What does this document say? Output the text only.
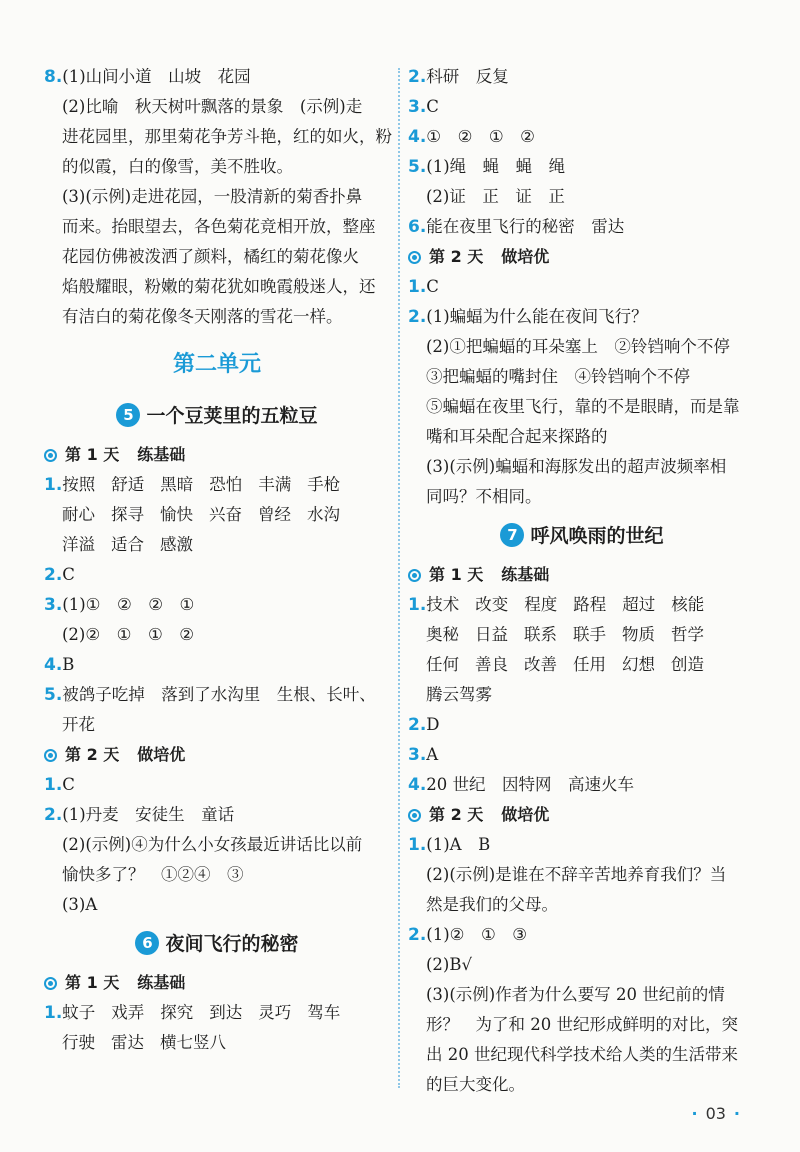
8.(1)山间小道　山坡　花园
(2)比喻　秋天树叶飘落的景象　(示例)走
进花园里，那里菊花争芳斗艳，红的如火，粉
的似霞，白的像雪，美不胜收。
(3)(示例)走进花园，一股清新的菊香扑鼻
而来。抬眼望去，各色菊花竞相开放，整座
花园仿佛被泼洒了颜料，橘红的菊花像火
焰般耀眼，粉嫩的菊花犹如晚霞般迷人，还
有洁白的菊花像冬天刚落的雪花一样。
第二单元
5 一个豆荚里的五粒豆
第 1 天 练基础
1.按照 舒适 黑暗 恐怕 丰满 手枪
耐心 探寻 愉快 兴奋 曾经 水沟
洋溢 适合 感激
2.C
3.(1)①　②　②　①
(2)②　①　①　②
4.B
5.被鸽子吃掉　落到了水沟里　生根、长叶、
开花
第 2 天 做培优
1.C
2.(1)丹麦　安徒生　童话
(2)(示例)④为什么小女孩最近讲话比以前
愉快多了？　①②④　③
(3)A
6 夜间飞行的秘密
第 1 天 练基础
1.蚊子 戏弄 探究 到达 灵巧 驾车
行驶 雷达 横七竖八
2.科研　反复
3.C
4.①　②　①　②
5.(1)绳　蝇　蝇　绳
(2)证　正　证　正
6.能在夜里飞行的秘密　雷达
第 2 天 做培优
1.C
2.(1)蝙蝠为什么能在夜间飞行？
(2)①把蝙蝠的耳朵塞上　②铃铛响个不停
③把蝙蝠的嘴封住　④铃铛响个不停
⑤蝙蝠在夜里飞行，靠的不是眼睛，而是靠
嘴和耳朵配合起来探路的
(3)(示例)蝙蝠和海豚发出的超声波频率相
同吗？不相同。
7 呼风唤雨的世纪
第 1 天 练基础
1.技术 改变 程度 路程 超过 核能
奥秘 日益 联系 联手 物质 哲学
任何 善良 改善 任用 幻想 创造
腾云驾雾
2.D
3.A
4.20 世纪　因特网　高速火车
第 2 天 做培优
1.(1)A　B
(2)(示例)是谁在不辞辛苦地养育我们？当
然是我们的父母。
2.(1)②　①　③
(2)B√
(3)(示例)作者为什么要写 20 世纪前的情
形？　为了和 20 世纪形成鲜明的对比，突
出 20 世纪现代科学技术给人类的生活带来
的巨大变化。
· 03 ·
